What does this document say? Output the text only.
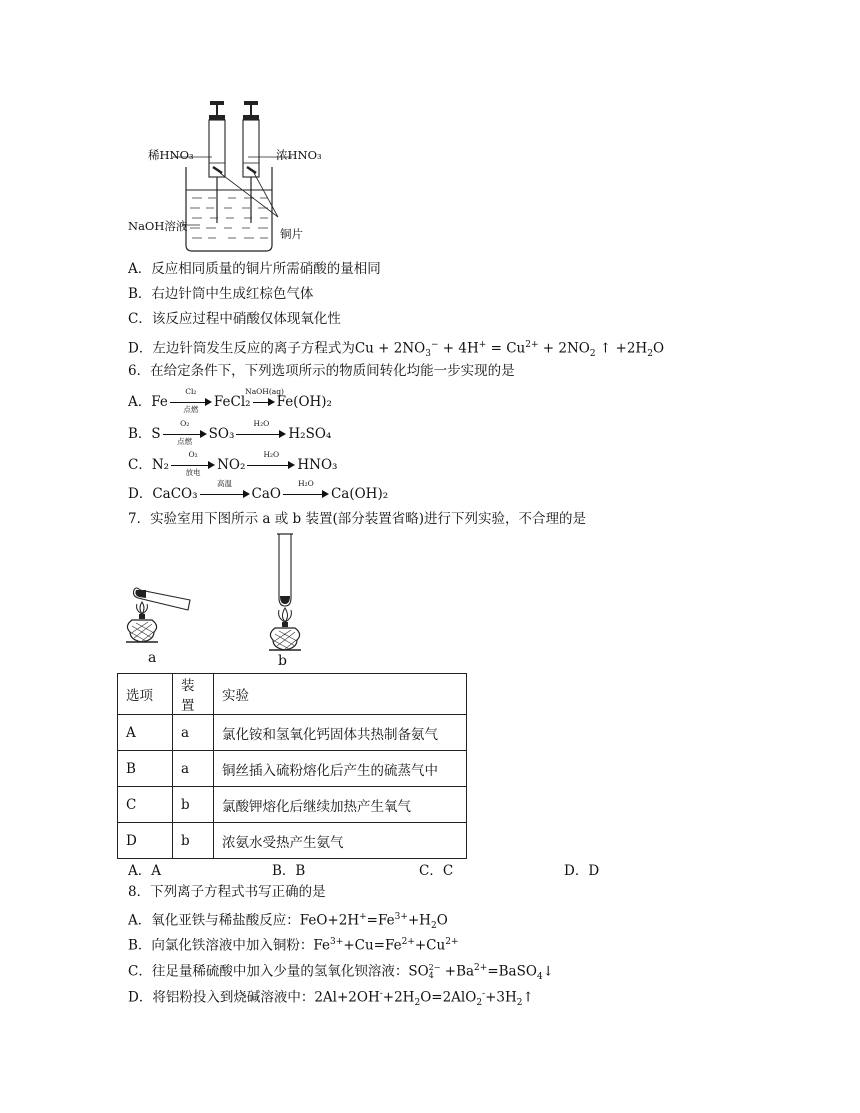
稀HNO₃	浓HNO₃
NaOH溶液
铜片
A．反应相同质量的铜片所需硝酸的量相同
B．右边针筒中生成红棕色气体
C．该反应过程中硝酸仅体现氧化性
D．左边针筒发生反应的离子方程式为$Cu + 2NO_3^- + 4H^+ = Cu^{2+} + 2NO_2$ ↑ $+2H_2O$
6．在给定条件下，下列选项所示的物质间转化均能一步实现的是
A．Fe
Cl₂
点燃	FeCl₂
NaOH(aq)
Fe(OH)₂
B．S
O₂
点燃	SO₃
H₂O
H₂SO₄
C．N₂
O₂
放电	NO₂
H₂O
HNO₃
D．CaCO₃
高温
CaO
H₂O
Ca(OH)₂
7．实验室用下图所示 a 或 b 装置(部分装置省略)进行下列实验，不合理的是
a	b
选项	装置	实验
A	a	氯化铵和氢氧化钙固体共热制备氨气
B	a	铜丝插入硫粉熔化后产生的硫蒸气中
C	b	氯酸钾熔化后继续加热产生氧气
D	b	浓氨水受热产生氨气
A．A	B．B	C．C	D．D
8．下列离子方程式书写正确的是
A．氧化亚铁与稀盐酸反应：$FeO+2H^+=Fe^{3+}+H_2O$
B．向氯化铁溶液中加入铜粉：$Fe^{3+}+Cu=Fe^{2+}+Cu^{2+}$
C．往足量稀硫酸中加入少量的氢氧化钡溶液：SO2−
$4 +Ba^{2+}=BaSO_4↓$
D．将铝粉投入到烧碱溶液中：$2Al+2OH^-+2H_2O=2AlO_2^-+3H_2↑$
